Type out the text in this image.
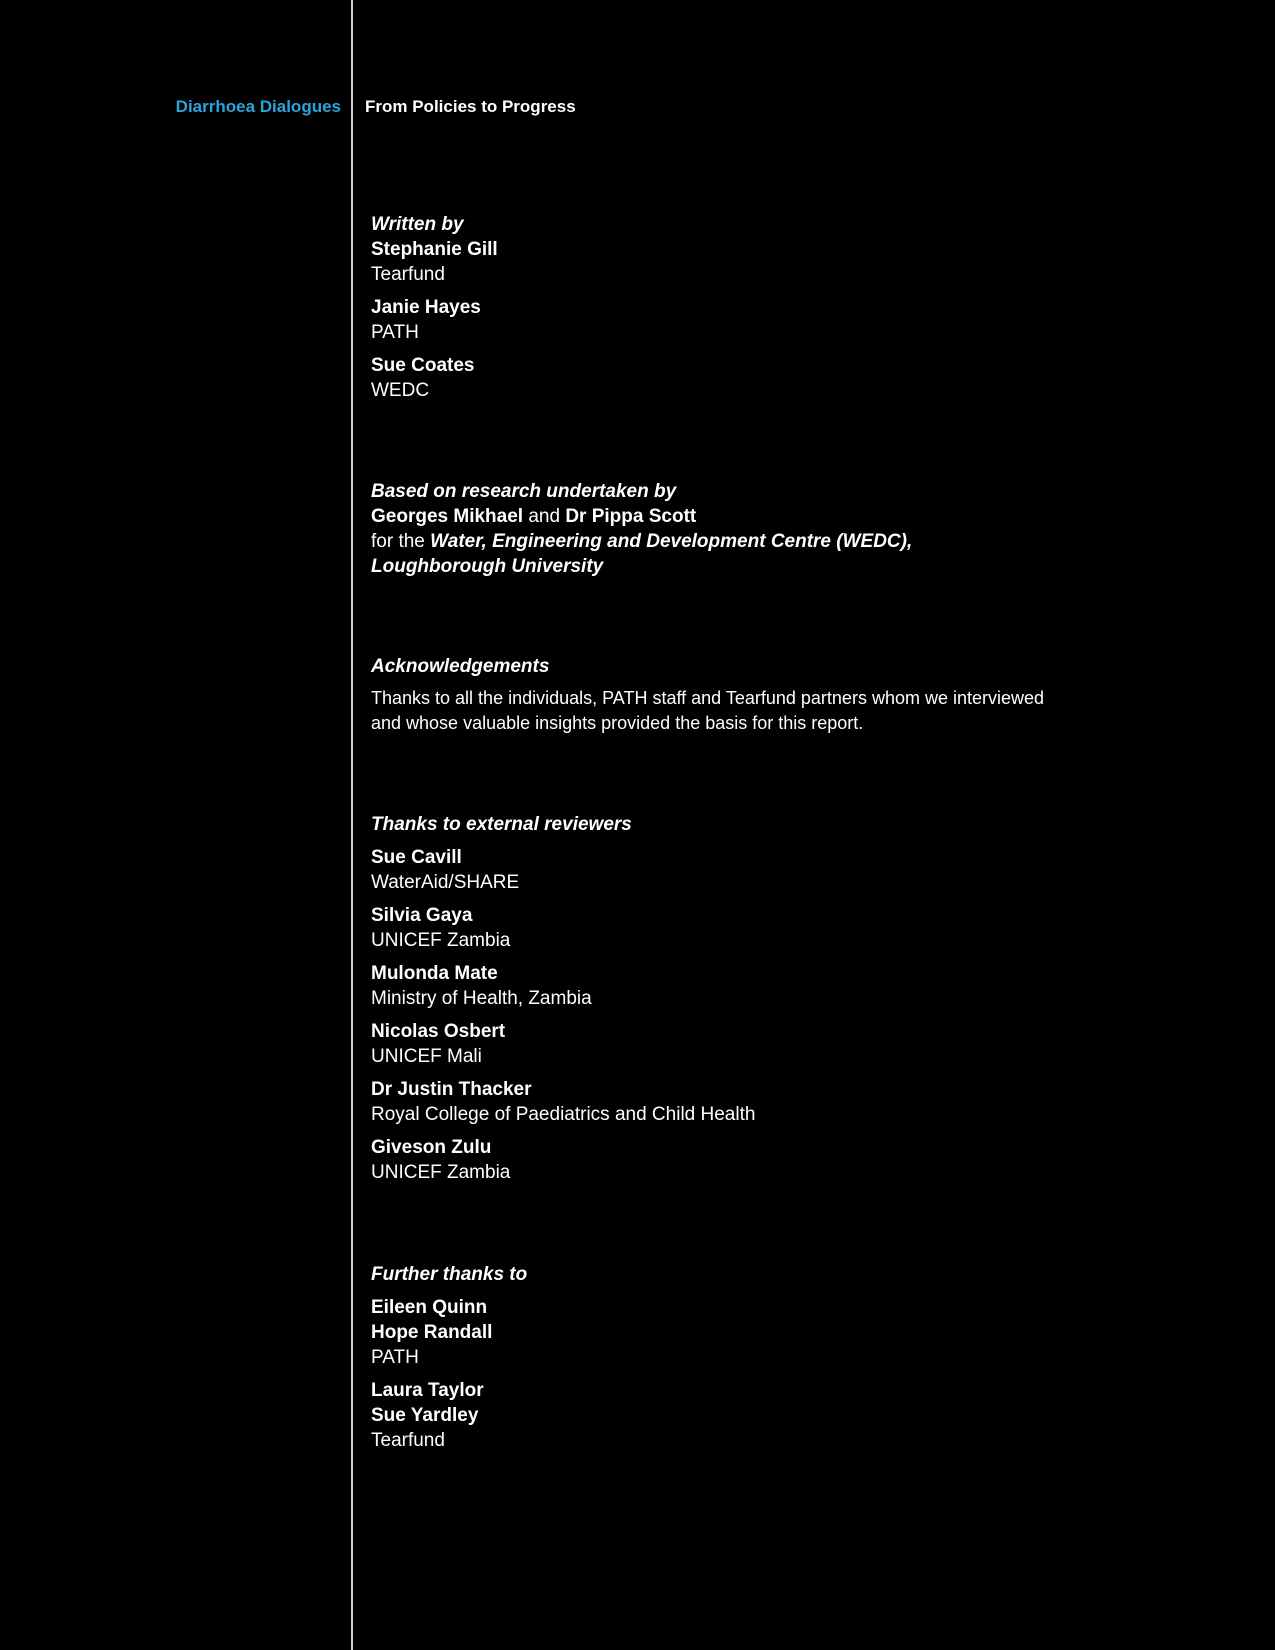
Diarrhoea Dialogues From Policies to Progress
Written by
Stephanie Gill
Tearfund
Janie Hayes
PATH
Sue Coates
WEDC
Based on research undertaken by
Georges Mikhael and Dr Pippa Scott
for the Water, Engineering and Development Centre (WEDC),
Loughborough University
Acknowledgements
Thanks to all the individuals, PATH staff and Tearfund partners whom we interviewed
and whose valuable insights provided the basis for this report.
Thanks to external reviewers
Sue Cavill
WaterAid/SHARE
Silvia Gaya
UNICEF Zambia
Mulonda Mate
Ministry of Health, Zambia
Nicolas Osbert
UNICEF Mali
Dr Justin Thacker
Royal College of Paediatrics and Child Health
Giveson Zulu
UNICEF Zambia
Further thanks to
Eileen Quinn
Hope Randall
PATH
Laura Taylor
Sue Yardley
Tearfund
